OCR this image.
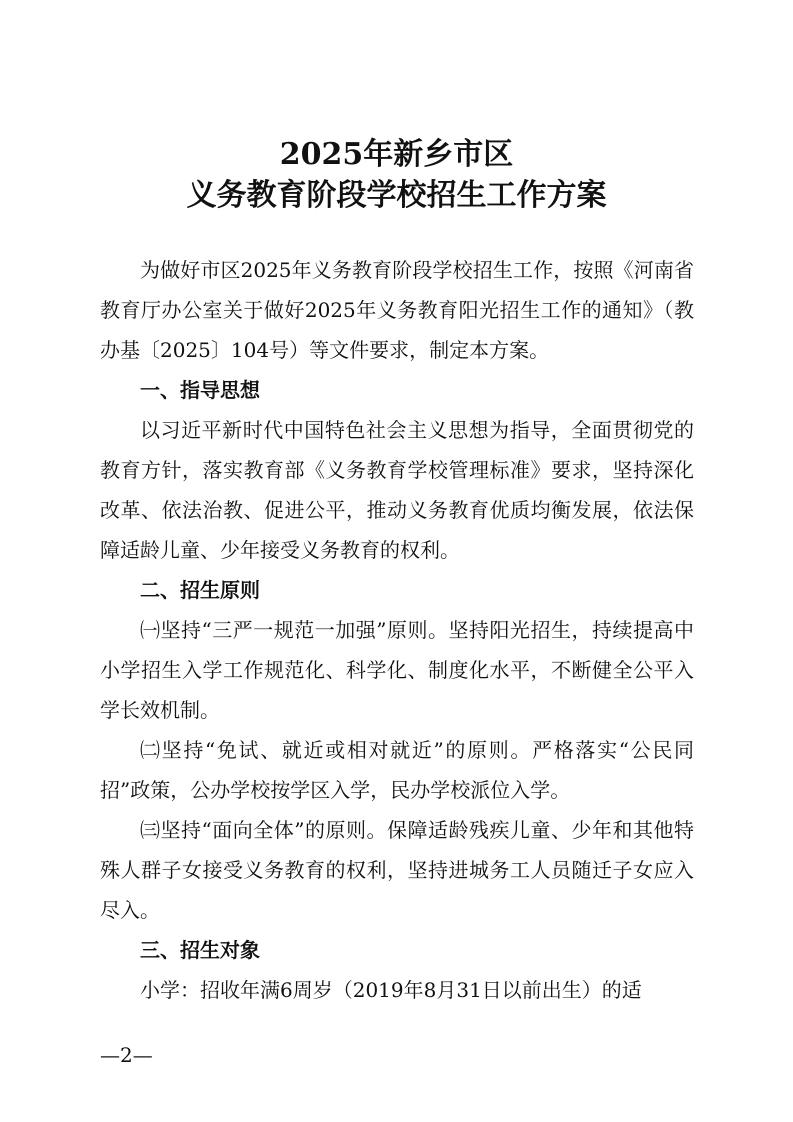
2025年新乡市区
义务教育阶段学校招生工作方案

为做好市区2025年义务教育阶段学校招生工作，按照《河南省教育厅办公室关于做好2025年义务教育阳光招生工作的通知》（教办基〔2025〕104号）等文件要求，制定本方案。

一、指导思想

以习近平新时代中国特色社会主义思想为指导，全面贯彻党的教育方针，落实教育部《义务教育学校管理标准》要求，坚持深化改革、依法治教、促进公平，推动义务教育优质均衡发展，依法保障适龄儿童、少年接受义务教育的权利。

二、招生原则

㈠坚持“三严一规范一加强”原则。坚持阳光招生，持续提高中小学招生入学工作规范化、科学化、制度化水平，不断健全公平入学长效机制。

㈡坚持“免试、就近或相对就近”的原则。严格落实“公民同招”政策，公办学校按学区入学，民办学校派位入学。

㈢坚持“面向全体”的原则。保障适龄残疾儿童、少年和其他特殊人群子女接受义务教育的权利，坚持进城务工人员随迁子女应入尽入。

三、招生对象

小学：招收年满6周岁（2019年8月31日以前出生）的适

—2—
